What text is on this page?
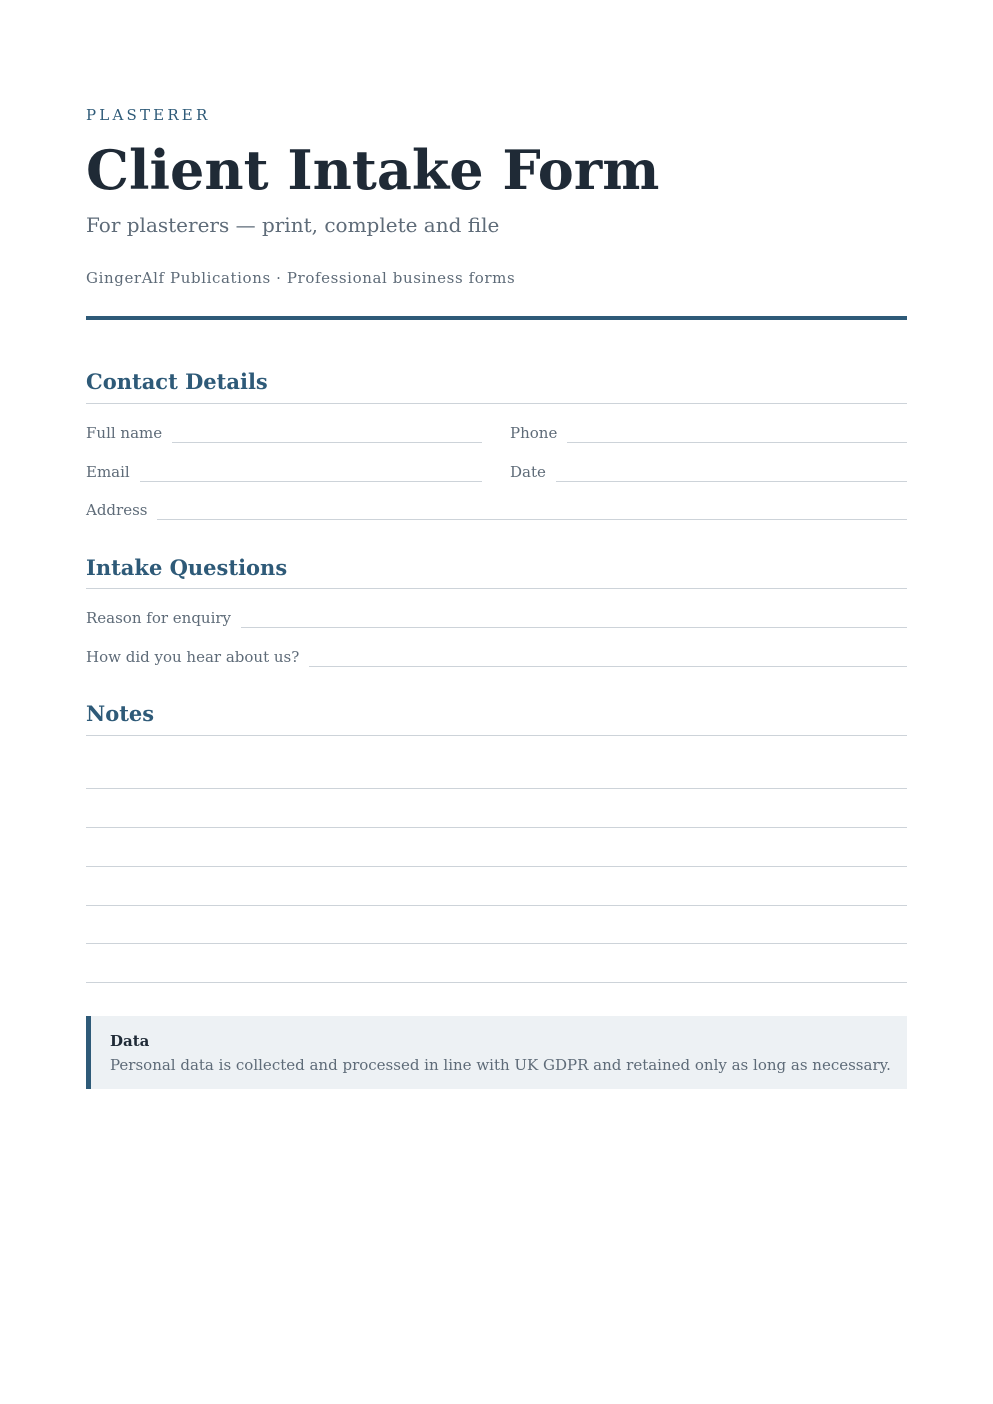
PLASTERER
Client Intake Form
For plasterers — print, complete and file
GingerAlf Publications · Professional business forms
Contact Details
Full name	Phone
Email	Date
Address
Intake Questions
Reason for enquiry
How did you hear about us?
Notes
Data
Personal data is collected and processed in line with UK GDPR and retained only as long as necessary.
